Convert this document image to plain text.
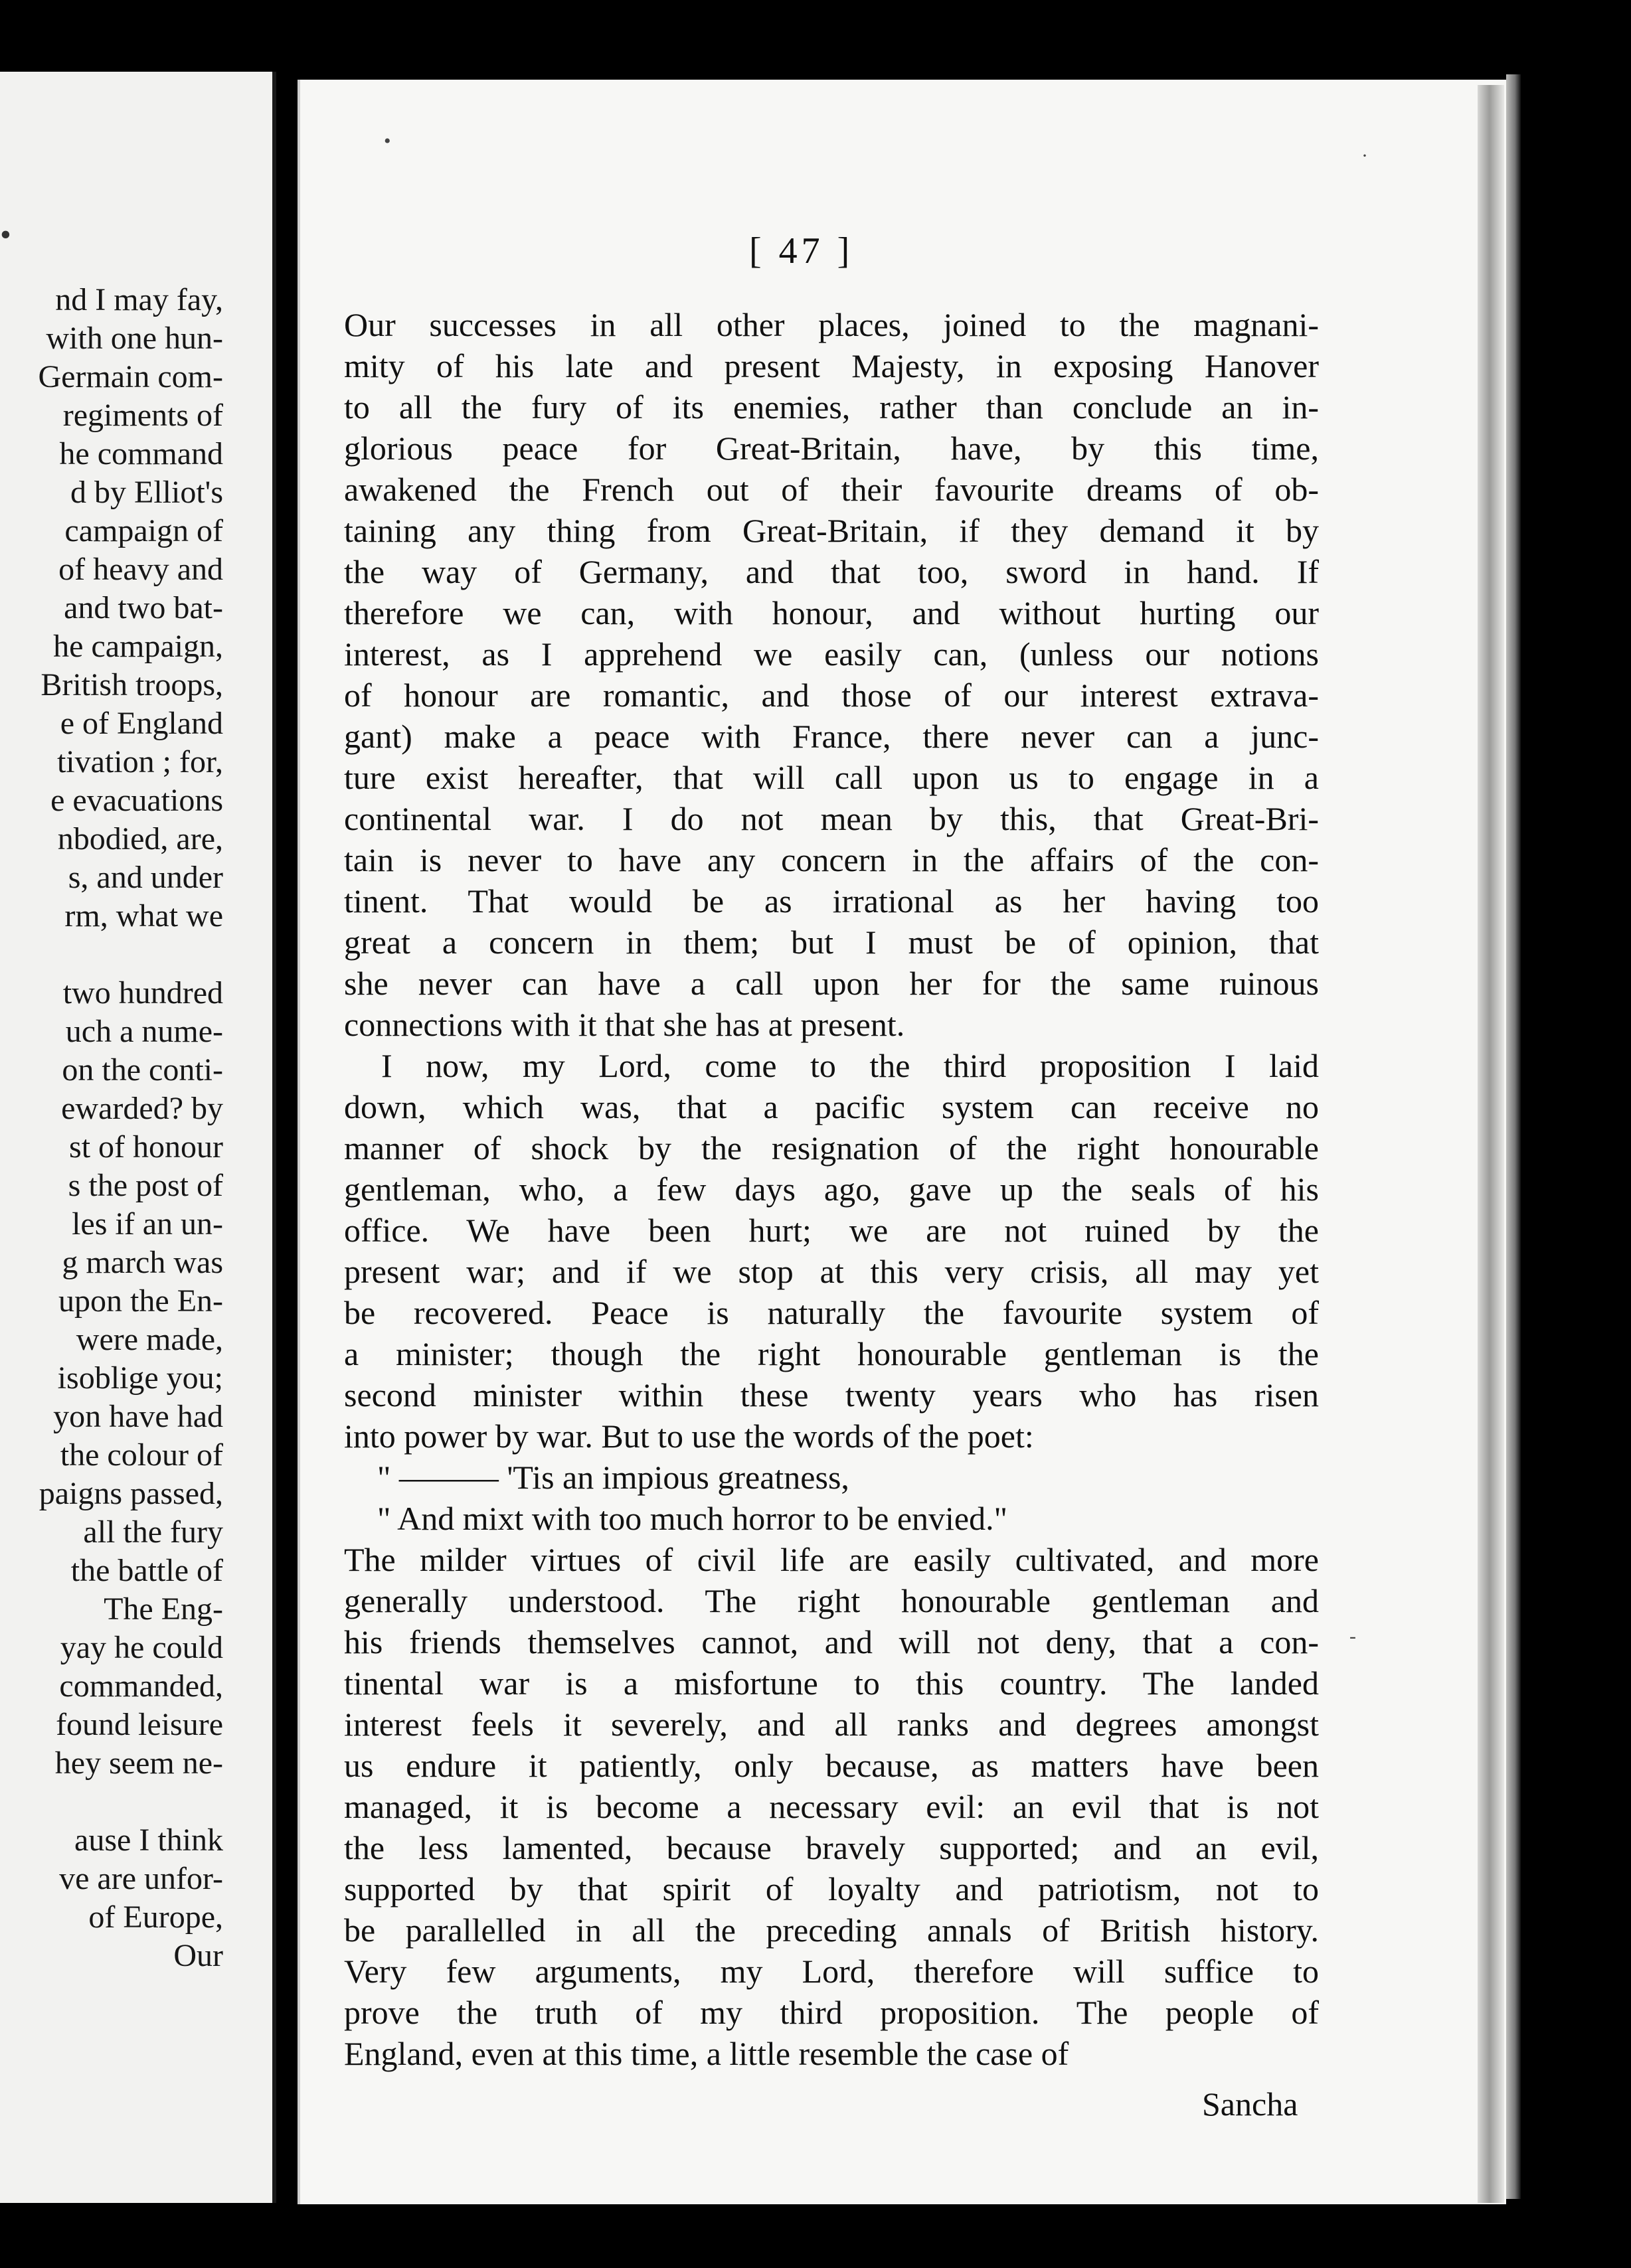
•
nd I may fay,
with one hun-
Germain com-
regiments of
he command
d by Elliot's
campaign of
of heavy and
and two bat-
he campaign,
British troops,
e of England
tivation ; for,
e evacuations
nbodied, are,
s, and under
rm, what we
two hundred
uch a nume-
on the conti-
ewarded? by
st of honour
s the post of
les if an un-
g march was
upon the En-
were made,
isoblige you;
yon have had
the colour of
paigns passed,
all the fury
the battle of
The Eng-
yay he could
commanded,
found leisure
hey seem ne-
ause I think
ve are unfor-
of Europe,
Our
[ 47 ]
Our successes in all other places, joined to the magnani-
mity of his late and present Majesty, in exposing Hanover
to all the fury of its enemies, rather than conclude an in-
glorious peace for Great-Britain, have, by this time,
awakened the French out of their favourite dreams of ob-
taining any thing from Great-Britain, if they demand it by
the way of Germany, and that too, sword in hand. If
therefore we can, with honour, and without hurting our
interest, as I apprehend we easily can, (unless our notions
of honour are romantic, and those of our interest extrava-
gant) make a peace with France, there never can a junc-
ture exist hereafter, that will call upon us to engage in a
continental war. I do not mean by this, that Great-Bri-
tain is never to have any concern in the affairs of the con-
tinent. That would be as irrational as her having too
great a concern in them; but I must be of opinion, that
she never can have a call upon her for the same ruinous
connections with it that she has at present.
I now, my Lord, come to the third proposition I laid
down, which was, that a pacific system can receive no
manner of shock by the resignation of the right honourable
gentleman, who, a few days ago, gave up the seals of his
office. We have been hurt; we are not ruined by the
present war; and if we stop at this very crisis, all may yet
be recovered. Peace is naturally the favourite system of
a minister; though the right honourable gentleman is the
second minister within these twenty years who has risen
into power by war. But to use the words of the poet:
" ——— 'Tis an impious greatness,
" And mixt with too much horror to be envied."
The milder virtues of civil life are easily cultivated, and more
generally understood. The right honourable gentleman and
his friends themselves cannot, and will not deny, that a con-
tinental war is a misfortune to this country. The landed
interest feels it severely, and all ranks and degrees amongst
us endure it patiently, only because, as matters have been
managed, it is become a necessary evil: an evil that is not
the less lamented, because bravely supported; and an evil,
supported by that spirit of loyalty and patriotism, not to
be parallelled in all the preceding annals of British history.
Very few arguments, my Lord, therefore will suffice to
prove the truth of my third proposition. The people of
England, even at this time, a little resemble the case of
Sancha
•
·
-
